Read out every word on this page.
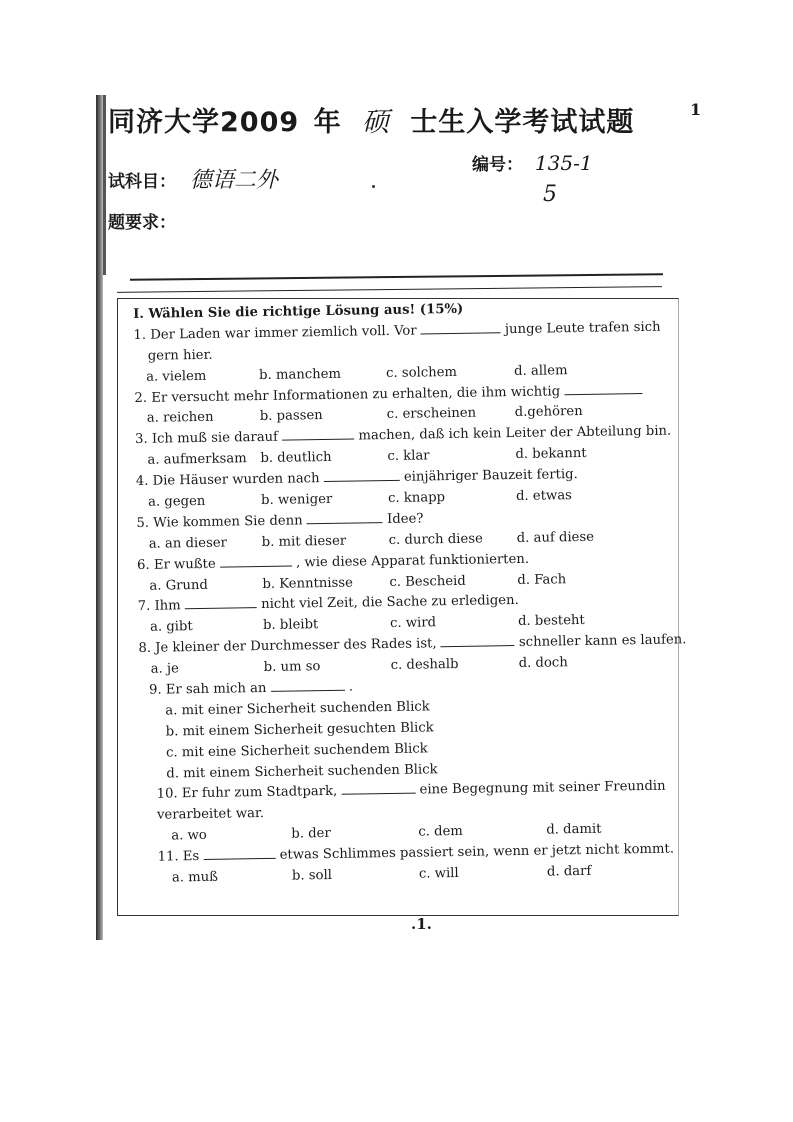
同济大学2009 年 硕 士生入学考试试题	1
试科目： 德语二外
编号： 135-1
5
题要求：
I. Wählen Sie die richtige Lösung aus! (15%)
1. Der Laden war immer ziemlich voll. Vor	junge Leute trafen sich
gern hier.
a. vielem	b. manchem	c. solchem	d. allem
2. Er versucht mehr Informationen zu erhalten, die ihm wichtig
a. reichen	b. passen	c. erscheinen	d.gehören
3. Ich muß sie darauf	machen, daß ich kein Leiter der Abteilung bin.
a. aufmerksam b. deutlich	c. klar	d. bekannt
4. Die Häuser wurden nach	einjähriger Bauzeit fertig.
a. gegen	b. weniger	c. knapp	d. etwas
5. Wie kommen Sie denn	Idee?
a. an dieser	b. mit dieser	c. durch diese	d. auf diese
6. Er wußte	, wie diese Apparat funktionierten.
a. Grund	b. Kenntnisse	c. Bescheid	d. Fach
7. Ihm	nicht viel Zeit, die Sache zu erledigen.
a. gibt	b. bleibt	c. wird	d. besteht
8. Je kleiner der Durchmesser des Rades ist,	schneller kann es laufen.
a. je	b. um so	c. deshalb	d. doch
9. Er sah mich an	.
a. mit einer Sicherheit suchenden Blick
b. mit einem Sicherheit gesuchten Blick
c. mit eine Sicherheit suchendem Blick
d. mit einem Sicherheit suchenden Blick
10. Er fuhr zum Stadtpark,	eine Begegnung mit seiner Freundin
verarbeitet war.
a. wo	b. der	c. dem	d. damit
11. Es	etwas Schlimmes passiert sein, wenn er jetzt nicht kommt.
a. muß	b. soll	c. will	d. darf
.1.
